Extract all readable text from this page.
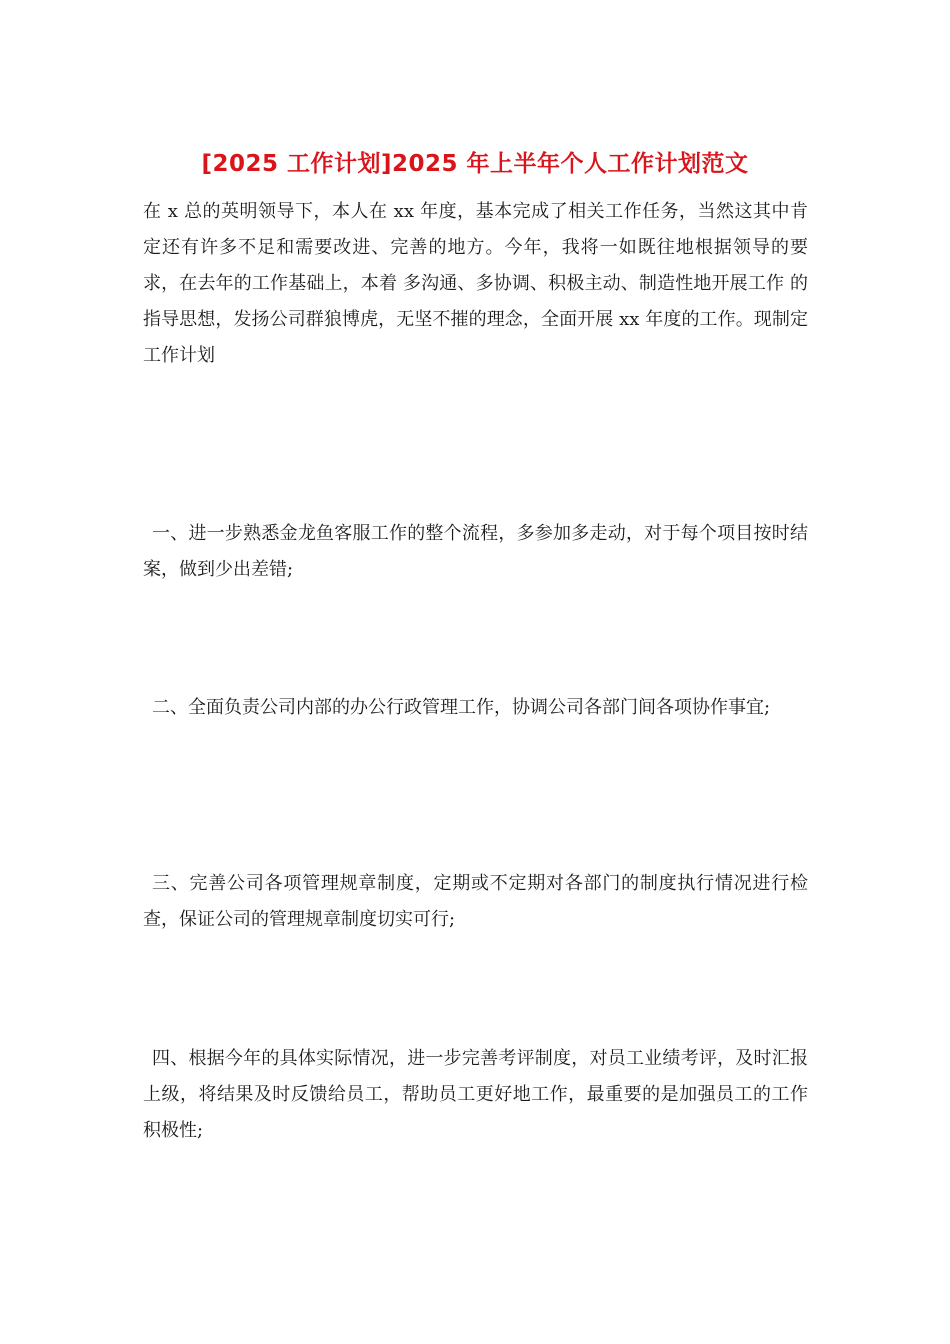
[2025 工作计划]2025 年上半年个人工作计划范文

在 x 总的英明领导下，本人在 xx 年度，基本完成了相关工作任务，当然这其中肯定还有许多不足和需要改进、完善的地方。今年，我将一如既往地根据领导的要求，在去年的工作基础上，本着 多沟通、多协调、积极主动、制造性地开展工作 的指导思想，发扬公司群狼博虎，无坚不摧的理念，全面开展 xx 年度的工作。现制定工作计划

一、进一步熟悉金龙鱼客服工作的整个流程，多参加多走动，对于每个项目按时结案，做到少出差错;

二、全面负责公司内部的办公行政管理工作，协调公司各部门间各项协作事宜;

三、完善公司各项管理规章制度，定期或不定期对各部门的制度执行情况进行检查，保证公司的管理规章制度切实可行;

四、根据今年的具体实际情况，进一步完善考评制度，对员工业绩考评，及时汇报上级，将结果及时反馈给员工，帮助员工更好地工作，最重要的是加强员工的工作积极性;
